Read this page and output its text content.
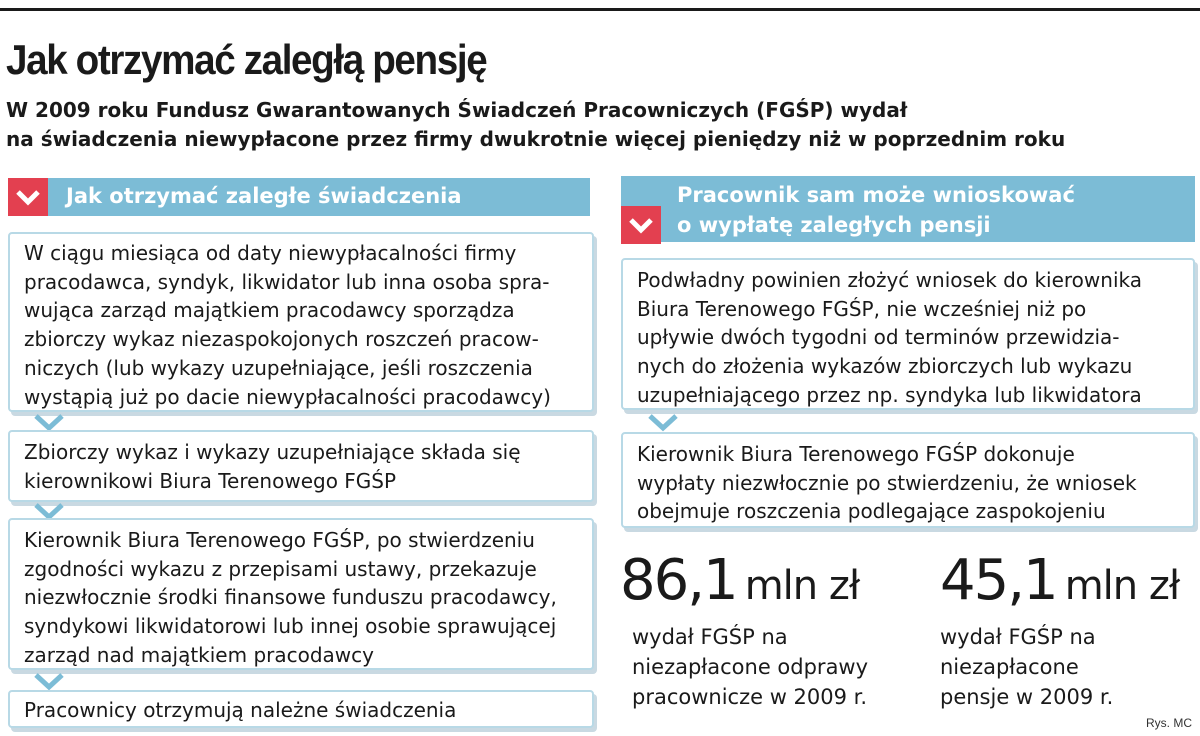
Jak otrzymać zaległą pensję
W 2009 roku Fundusz Gwarantowanych Świadczeń Pracowniczych (FGŚP) wydał
na świadczenia niewypłacone przez firmy dwukrotnie więcej pieniędzy niż w poprzednim roku
Jak otrzymać zaległe świadczenia
W ciągu miesiąca od daty niewypłacalności firmy
pracodawca, syndyk, likwidator lub inna osoba spra-
wująca zarząd majątkiem pracodawcy sporządza
zbiorczy wykaz niezaspokojonych roszczeń pracow-
niczych (lub wykazy uzupełniające, jeśli roszczenia
wystąpią już po dacie niewypłacalności pracodawcy)
Zbiorczy wykaz i wykazy uzupełniające składa się
kierownikowi Biura Terenowego FGŚP
Kierownik Biura Terenowego FGŚP, po stwierdzeniu
zgodności wykazu z przepisami ustawy, przekazuje
niezwłocznie środki finansowe funduszu pracodawcy,
syndykowi likwidatorowi lub innej osobie sprawującej
zarząd nad majątkiem pracodawcy
Pracownicy otrzymują należne świadczenia
Pracownik sam może wnioskować
o wypłatę zaległych pensji
Podwładny powinien złożyć wniosek do kierownika
Biura Terenowego FGŚP, nie wcześniej niż po
upływie dwóch tygodni od terminów przewidzia-
nych do złożenia wykazów zbiorczych lub wykazu
uzupełniającego przez np. syndyka lub likwidatora
Kierownik Biura Terenowego FGŚP dokonuje
wypłaty niezwłocznie po stwierdzeniu, że wniosek
obejmuje roszczenia podlegające zaspokojeniu
86,1 mln zł
wydał FGŚP na
niezapłacone odprawy
pracownicze w 2009 r.
45,1 mln zł
wydał FGŚP na
niezapłacone
pensje w 2009 r.
Rys. MC
